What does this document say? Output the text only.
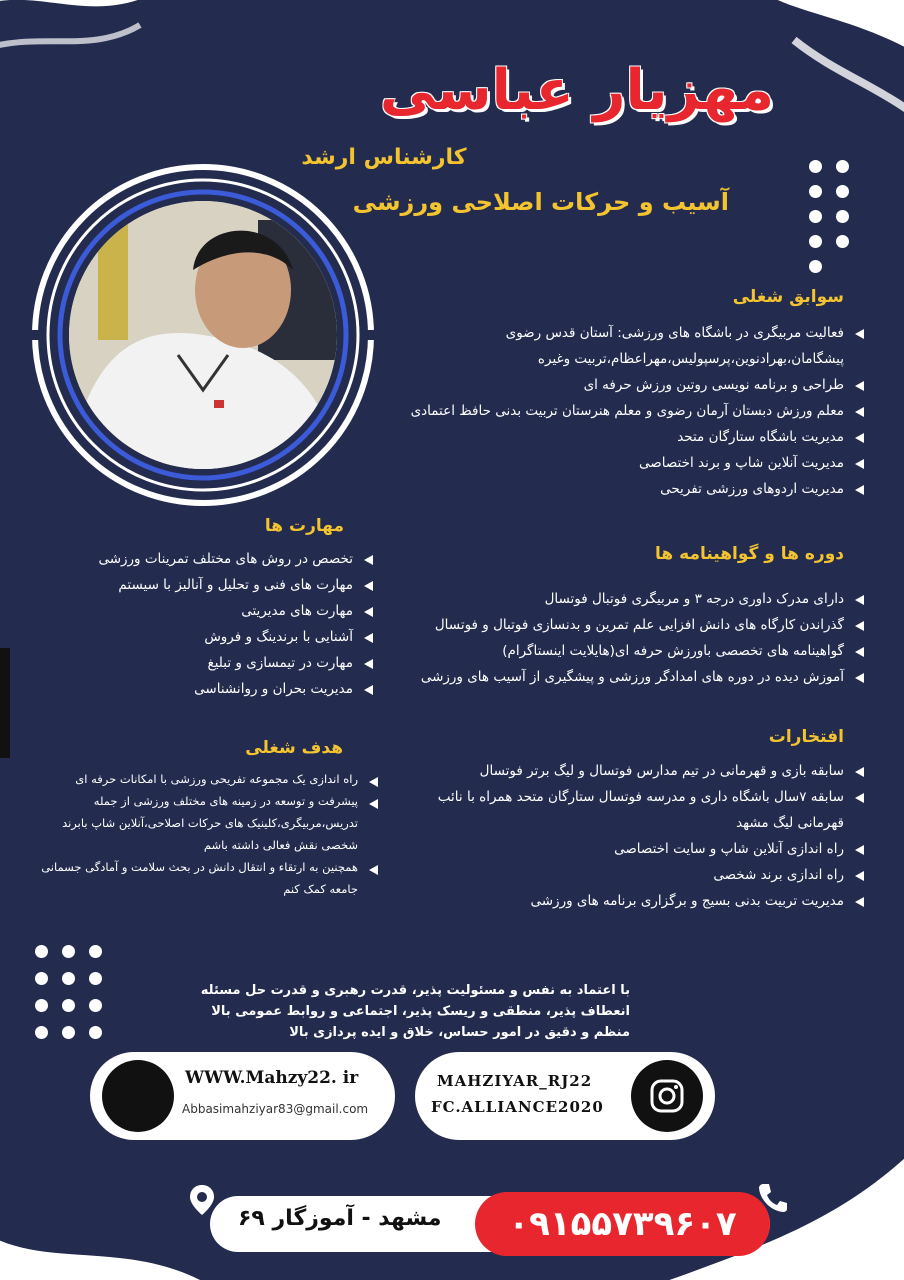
مهزیار عباسی
کارشناس ارشد
آسیب و حرکات اصلاحی ورزشی
سوابق شغلی
فعالیت مربیگری در باشگاه های ورزشی: آستان قدس رضوی پیشگامان،بهرادنوین،پرسپولیس،مهراعظام،تربیت وغیره
طراحی و برنامه نویسی روتین ورزش حرفه ای
معلم ورزش دبستان آرمان رضوی و معلم هنرستان تربیت بدنی حافظ اعتمادی
مدیریت باشگاه ستارگان متحد
مدیریت آنلاین شاپ و برند اختصاصی
مدیریت اردوهای ورزشی تفریحی
مهارت ها
تخصص در روش های مختلف تمرینات ورزشی
مهارت های فنی و تحلیل و آنالیز با سیستم
مهارت های مدیریتی
آشنایی با برندینگ و فروش
مهارت در تیمسازی و تبلیغ
مدیریت بحران و روانشناسی
دوره ها و گواهینامه ها
دارای مدرک داوری درجه ۳ و مربیگری فوتبال فوتسال
گذراندن کارگاه های دانش افزایی علم تمرین و بدنسازی فوتبال و فوتسال
گواهینامه های تخصصی باورزش حرفه ای(هایلایت اینستاگرام)
آموزش دیده در دوره های امدادگر ورزشی و پیشگیری از آسیب های ورزشی
هدف شغلی
راه اندازی یک مجموعه تفریحی ورزشی با امکانات حرفه ای
پیشرفت و توسعه در زمینه های مختلف ورزشی از جمله تدریس،مربیگری،کلینیک های حرکات اصلاحی،آنلاین شاپ بابرند شخصی نقش فعالی داشته باشم
همچنین به ارتقاء و انتقال دانش در بحث سلامت و آمادگی جسمانی جامعه کمک کنم
افتخارات
سابقه بازی و قهرمانی در تیم مدارس فوتسال و لیگ برتر فوتسال
سابقه ۷سال باشگاه داری و مدرسه فوتسال ستارگان متحد همراه با نائب قهرمانی لیگ مشهد
راه اندازی آنلاین شاپ و سایت اختصاصی
راه اندازی برند شخصی
مدیریت تربیت بدنی بسیج و برگزاری برنامه های ورزشی
با اعتماد به نفس و مسئولیت پذیر، قدرت رهبری و قدرت حل مسئله
انعطاف پذیر، منطقی و ریسک پذیر، اجتماعی و روابط عمومی بالا
منظم و دقیق در امور حساس، خلاق و ایده پردازی بالا
WWW.Mahzy22. ir
Abbasimahziyar83@gmail.com
MAHZIYAR_RJ22
FC.ALLIANCE2020
مشهد - آموزگار ۶۹ ۰۹۱۵۵۷۳۹۶۰۷
